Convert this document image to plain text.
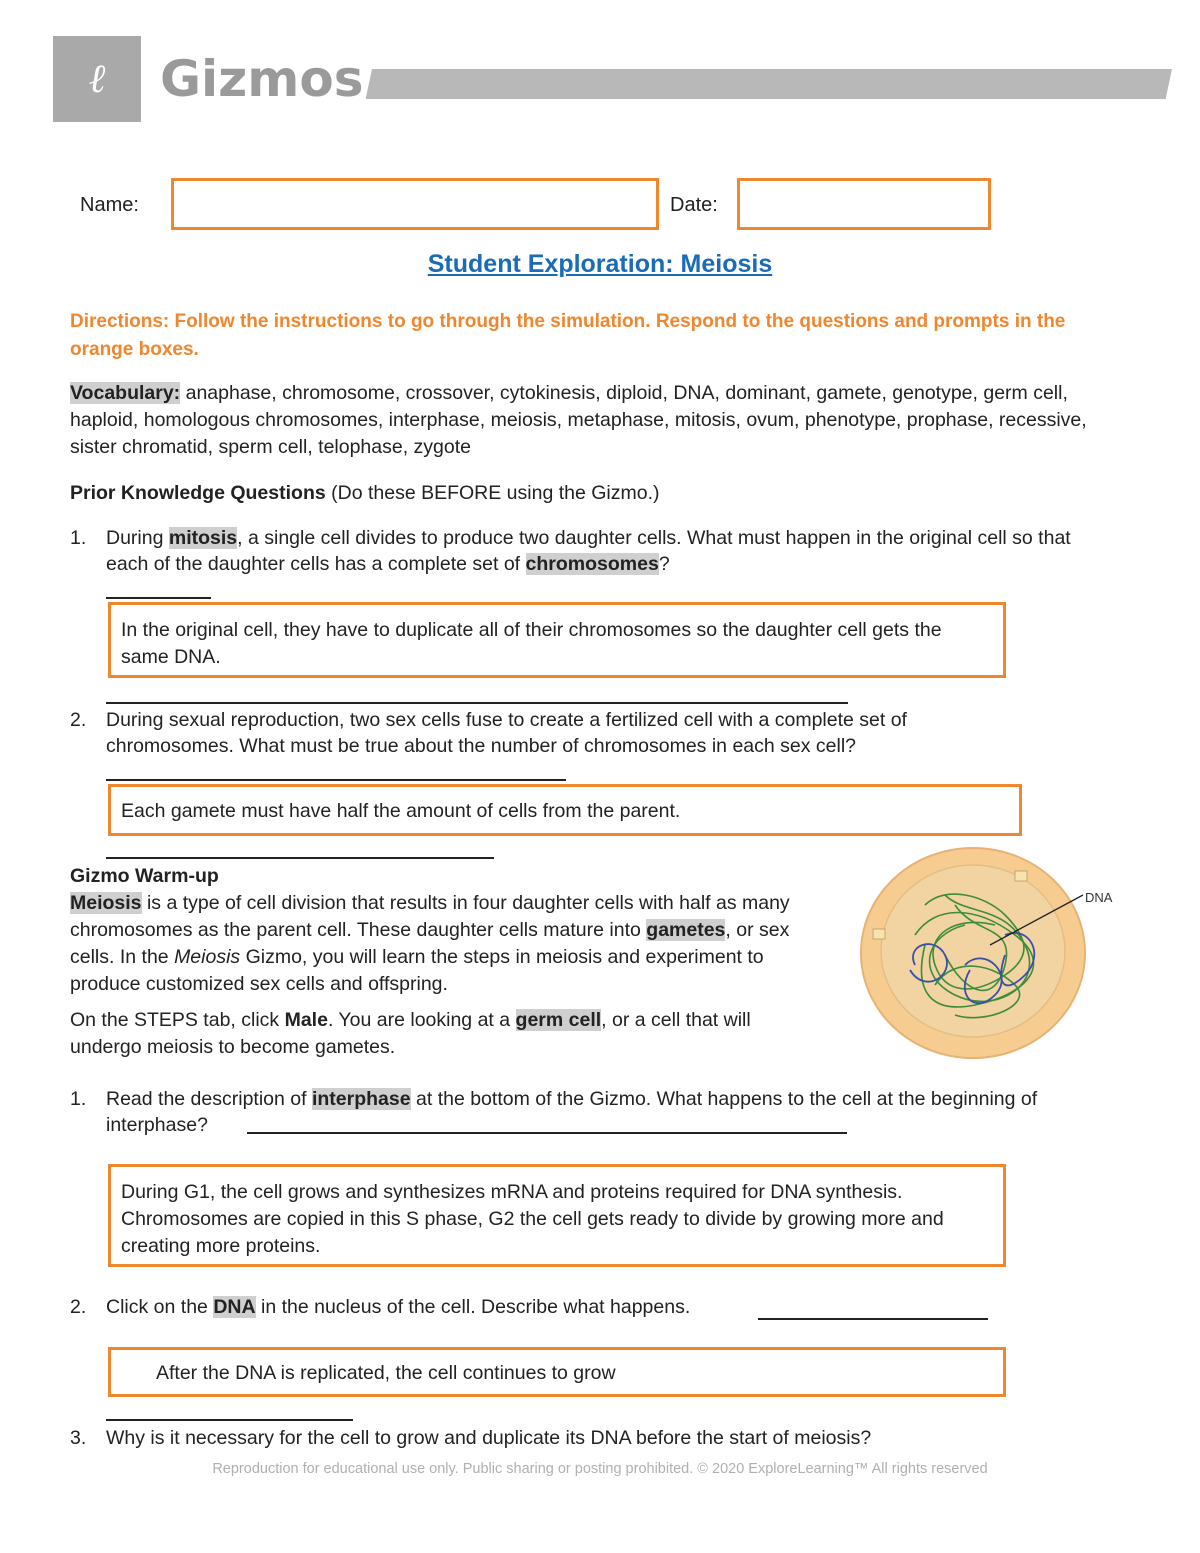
ℓ	Gizmos
Name:	Date:
Student Exploration: Meiosis
Directions: Follow the instructions to go through the simulation. Respond to the questions and prompts in the orange boxes.
Vocabulary: anaphase, chromosome, crossover, cytokinesis, diploid, DNA, dominant, gamete, genotype, germ cell, haploid, homologous chromosomes, interphase, meiosis, metaphase, mitosis, ovum, phenotype, prophase, recessive, sister chromatid, sperm cell, telophase, zygote
Prior Knowledge Questions (Do these BEFORE using the Gizmo.)
1. During mitosis, a single cell divides to produce two daughter cells. What must happen in the original cell so that each of the daughter cells has a complete set of chromosomes?
In the original cell, they have to duplicate all of their chromosomes so the daughter cell gets the same DNA.
2. During sexual reproduction, two sex cells fuse to create a fertilized cell with a complete set of chromosomes. What must be true about the number of chromosomes in each sex cell?
Each gamete must have half the amount of cells from the parent.
Gizmo Warm-up
Meiosis is a type of cell division that results in four daughter cells with half as many chromosomes as the parent cell. These daughter cells mature into gametes, or sex cells. In the Meiosis Gizmo, you will learn the steps in meiosis and experiment to produce customized sex cells and offspring.
On the STEPS tab, click Male. You are looking at a germ cell, or a cell that will undergo meiosis to become gametes.
DNA
1. Read the description of interphase at the bottom of the Gizmo. What happens to the cell at the beginning of interphase?
During G1, the cell grows and synthesizes mRNA and proteins required for DNA synthesis. Chromosomes are copied in this S phase, G2 the cell gets ready to divide by growing more and creating more proteins.
2. Click on the DNA in the nucleus of the cell. Describe what happens.
After the DNA is replicated, the cell continues to grow
3. Why is it necessary for the cell to grow and duplicate its DNA before the start of meiosis?
Reproduction for educational use only. Public sharing or posting prohibited. © 2020 ExploreLearning™ All rights reserved
